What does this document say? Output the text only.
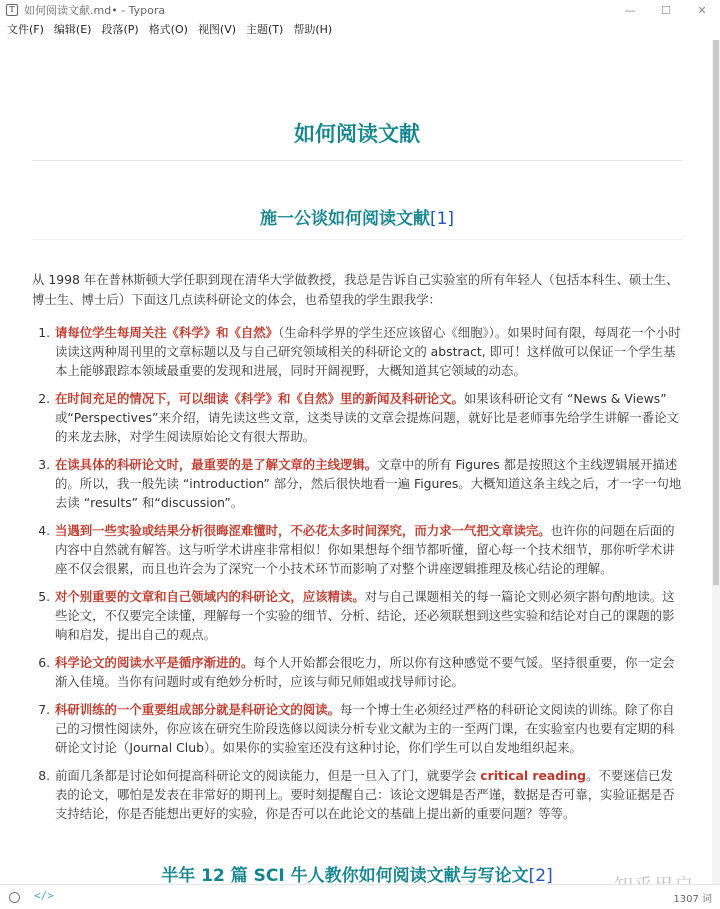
T 如何阅读文献.md• - Typora	—	☐	✕
文件(F) 编辑(E) 段落(P) 格式(O) 视图(V) 主题(T) 帮助(H)
如何阅读文献
施一公谈如何阅读文献[1]

从 1998 年在普林斯顿大学任职到现在清华大学做教授，我总是告诉自己实验室的所有年轻人（包括本科生、硕士生、博士生、博士后）下面这几点读科研论文的体会，也希望我的学生跟我学：

1. 请每位学生每周关注《科学》和《自然》（生命科学界的学生还应该留心《细胞》）。如果时间有限，每周花一个小时读读这两种周刊里的文章标题以及与自己研究领域相关的科研论文的 abstract, 即可！这样做可以保证一个学生基本上能够跟踪本领域最重要的发现和进展，同时开阔视野，大概知道其它领域的动态。
2. 在时间充足的情况下，可以细读《科学》和《自然》里的新闻及科研论文。如果该科研论文有 “News & Views” 或“Perspectives”来介绍，请先读这些文章，这类导读的文章会提炼问题，就好比是老师事先给学生讲解一番论文的来龙去脉，对学生阅读原始论文有很大帮助。
3. 在读具体的科研论文时，最重要的是了解文章的主线逻辑。文章中的所有 Figures 都是按照这个主线逻辑展开描述的。所以，我一般先读 “introduction” 部分，然后很快地看一遍 Figures。大概知道这条主线之后，才一字一句地去读 “results” 和“discussion”。
4. 当遇到一些实验或结果分析很晦涩难懂时，不必花太多时间深究，而力求一气把文章读完。也许你的问题在后面的内容中自然就有解答。这与听学术讲座非常相似！你如果想每个细节都听懂，留心每一个技术细节，那你听学术讲座不仅会很累，而且也许会为了深究一个小技术环节而影响了对整个讲座逻辑推理及核心结论的理解。
5. 对个别重要的文章和自己领域内的科研论文，应该精读。对与自己课题相关的每一篇论文则必须字斟句酌地读。这些论文，不仅要完全读懂，理解每一个实验的细节、分析、结论，还必须联想到这些实验和结论对自己的课题的影响和启发，提出自己的观点。
6. 科学论文的阅读水平是循序渐进的。每个人开始都会很吃力，所以你有这种感觉不要气馁。坚持很重要，你一定会渐入佳境。当你有问题时或有绝妙分析时，应该与师兄师姐或找导师讨论。
7. 科研训练的一个重要组成部分就是科研论文的阅读。每一个博士生必须经过严格的科研论文阅读的训练。除了你自己的习惯性阅读外，你应该在研究生阶段选修以阅读分析专业文献为主的一至两门课，在实验室内也要有定期的科研论文讨论（Journal Club）。如果你的实验室还没有这种讨论，你们学生可以自发地组织起来。
8. 前面几条都是讨论如何提高科研论文的阅读能力，但是一旦入了门，就要学会 critical reading。不要迷信已发表的论文，哪怕是发表在非常好的期刊上。要时刻提醒自己：该论文逻辑是否严谨，数据是否可靠，实验证据是否支持结论，你是否能想出更好的实验，你是否可以在此论文的基础上提出新的重要问题？等等。
半年 12 篇 SCI 牛人教你如何阅读文献与写论文[2]
</>	1307 词
